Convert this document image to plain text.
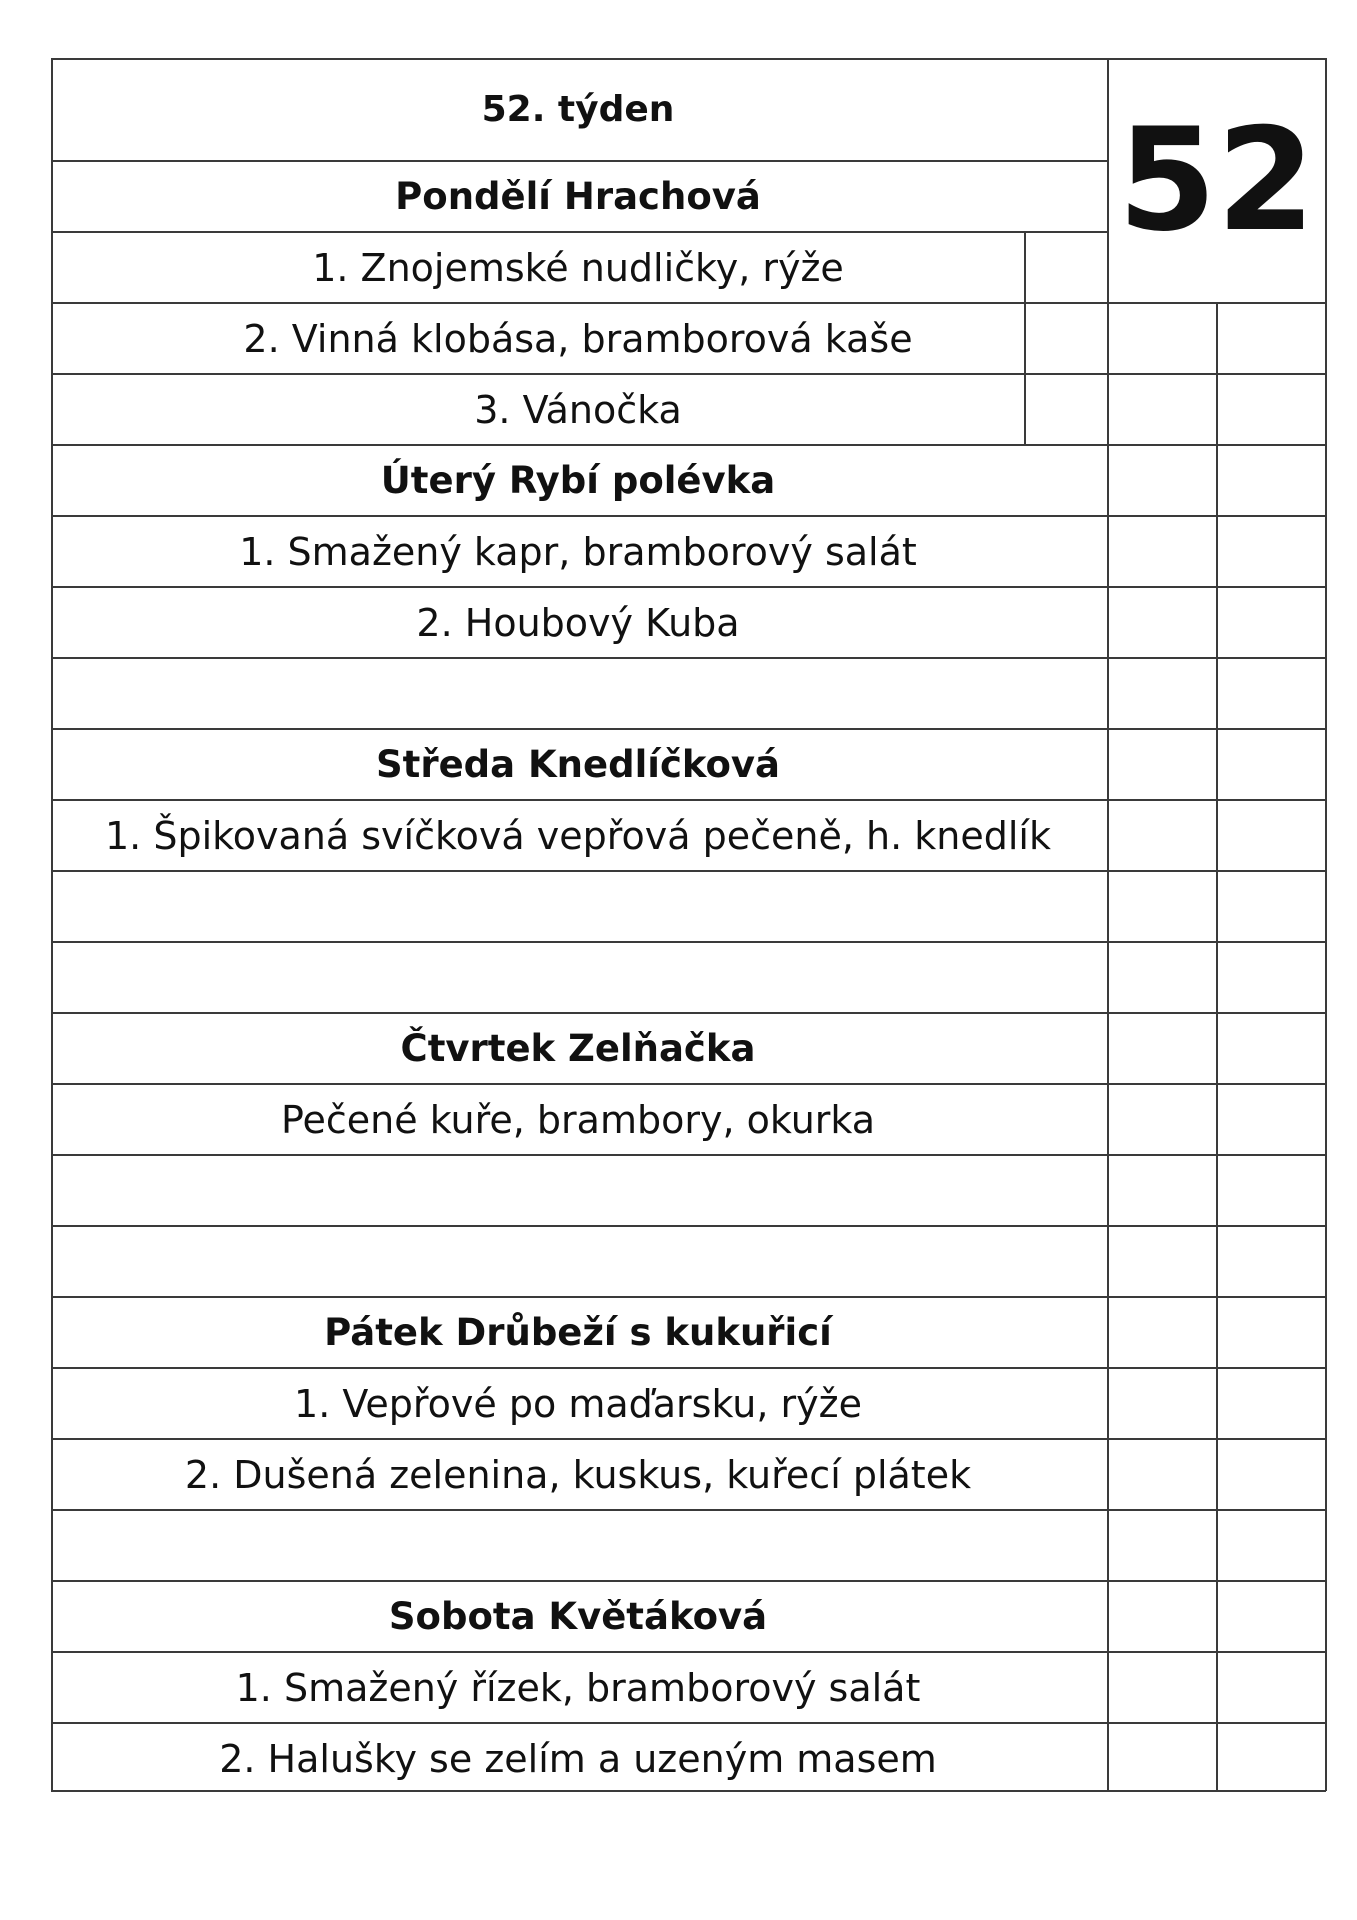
52. týden	52
Pondělí Hrachová
1. Znojemské nudličky, rýže
2. Vinná klobása, bramborová kaše
3. Vánočka
Úterý Rybí polévka
1. Smažený kapr, bramborový salát
2. Houbový Kuba
Středa Knedlíčková
1. Špikovaná svíčková vepřová pečeně, h. knedlík
Čtvrtek Zelňačka
Pečené kuře, brambory, okurka
Pátek Drůbeží s kukuřicí
1. Vepřové po maďarsku, rýže
2. Dušená zelenina, kuskus, kuřecí plátek
Sobota Květáková
1. Smažený řízek, bramborový salát
2. Halušky se zelím a uzeným masem
